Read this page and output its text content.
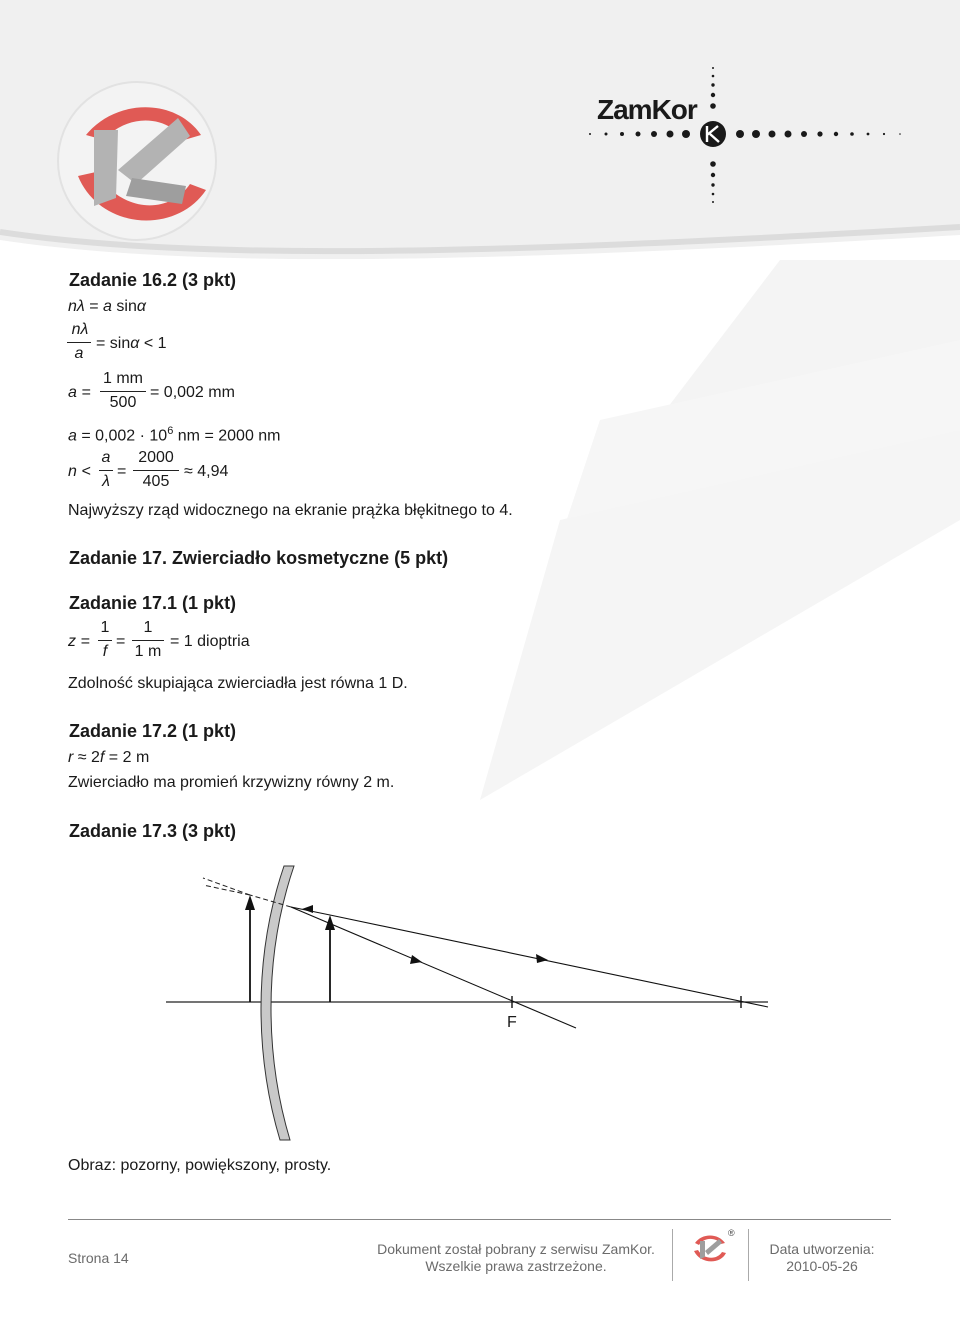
ZamKor
Zadanie 16.2 (3 pkt)
nλ = a sinα
nλ
a
= sinα < 1
a =
1 mm
500
= 0,002 mm
$a = 0,002 \cdot 10^6$ nm = 2000 nm
n <
a
λ
=
2000
405
≈ 4,94
Najwyższy rząd widocznego na ekranie prążka błękitnego to 4.
Zadanie 17. Zwierciadło kosmetyczne (5 pkt)
Zadanie 17.1 (1 pkt)
z =
1
f
=
1
1 m
= 1 dioptria
Zdolność skupiająca zwierciadła jest równa 1 D.
Zadanie 17.2 (1 pkt)
r ≈ 2f = 2 m
Zwierciadło ma promień krzywizny równy 2 m.
Zadanie 17.3 (3 pkt)
F
Obraz: pozorny, powiększony, prosty.
Strona 14
Dokument został pobrany z serwisu ZamKor.
Wszelkie prawa zastrzeżone.
®
Data utworzenia:
2010-05-26
